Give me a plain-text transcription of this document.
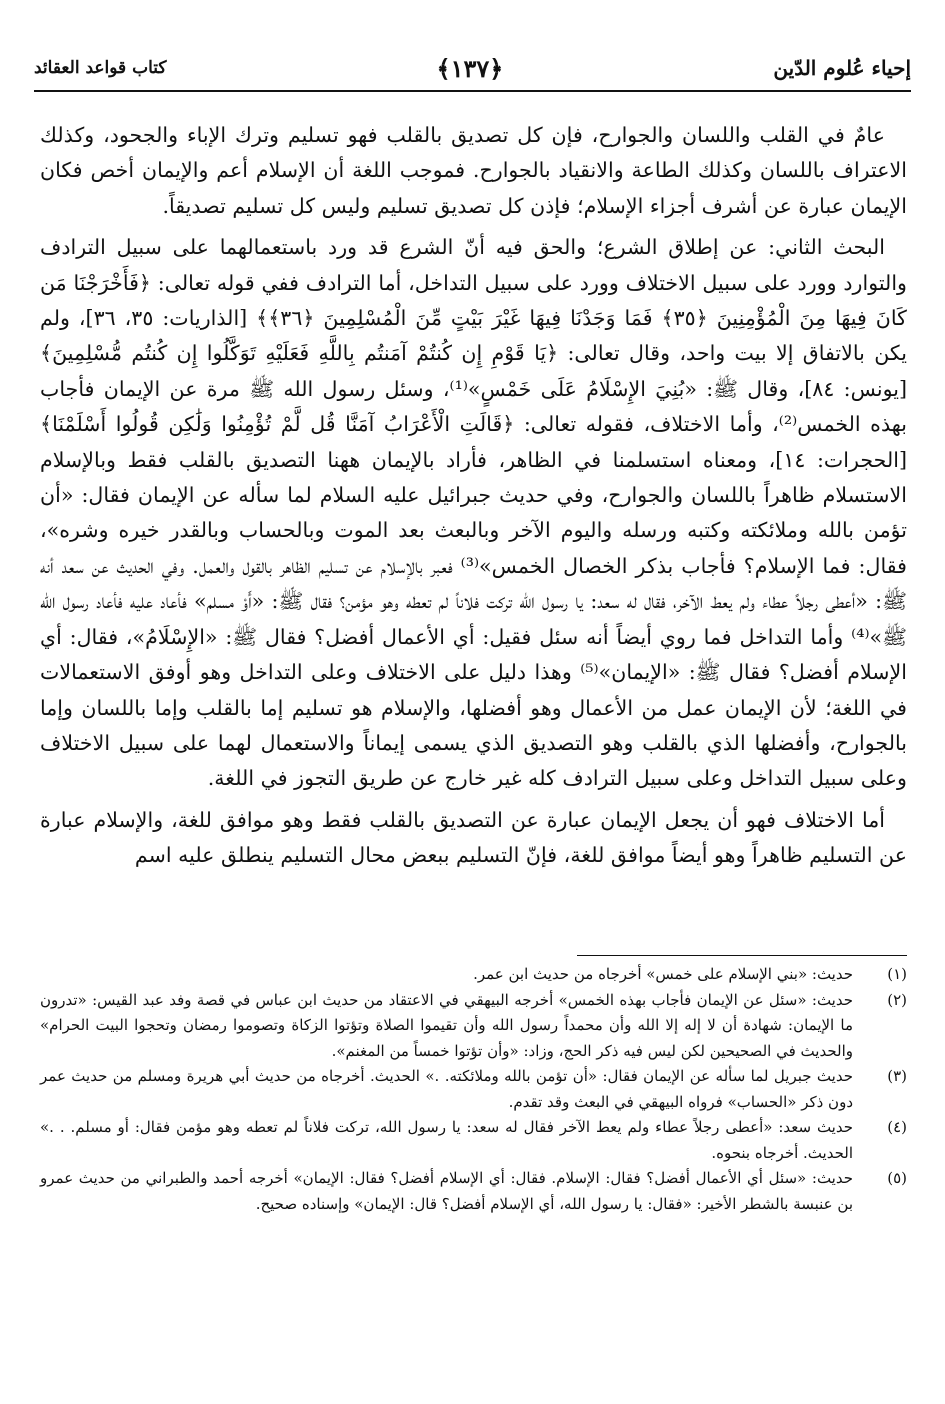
إحياء عُلوم الدّين
﴿١٣٧﴾
كتاب قواعد العقائد

عامٌ في القلب واللسان والجوارح، فإن كل تصديق بالقلب فهو تسليم وترك الإباء والجحود، وكذلك الاعتراف باللسان وكذلك الطاعة والانقياد بالجوارح. فموجب اللغة أن الإسلام أعم والإيمان أخص فكان الإيمان عبارة عن أشرف أجزاء الإسلام؛ فإذن كل تصديق تسليم وليس كل تسليم تصديقاً.

البحث الثاني: عن إطلاق الشرع؛ والحق فيه أنّ الشرع قد ورد باستعمالهما على سبيل الترادف والتوارد وورد على سبيل الاختلاف وورد على سبيل التداخل، أما الترادف ففي قوله تعالى: ﴿فَأَخْرَجْنَا مَن كَانَ فِيهَا مِنَ الْمُؤْمِنِينَ ﴿٣٥﴾ فَمَا وَجَدْنَا فِيهَا غَيْرَ بَيْتٍ مِّنَ الْمُسْلِمِينَ ﴿٣٦﴾﴾ [الذاريات: ٣٥، ٣٦]، ولم يكن بالاتفاق إلا بيت واحد، وقال تعالى: ﴿يَا قَوْمِ إِن كُنتُمْ آمَنتُم بِاللَّهِ فَعَلَيْهِ تَوَكَّلُوا إِن كُنتُم مُّسْلِمِينَ﴾ [يونس: ٨٤]، وقال ﷺ: «بُنِيَ الإِسْلَامُ عَلَى خَمْسٍ»⁽¹⁾، وسئل رسول الله ﷺ مرة عن الإيمان فأجاب بهذه الخمس⁽²⁾، وأما الاختلاف، فقوله تعالى: ﴿قَالَتِ الْأَعْرَابُ آمَنَّا قُل لَّمْ تُؤْمِنُوا وَلَٰكِن قُولُوا أَسْلَمْنَا﴾ [الحجرات: ١٤]، ومعناه استسلمنا في الظاهر، فأراد بالإيمان ههنا التصديق بالقلب فقط وبالإسلام الاستسلام ظاهراً باللسان والجوارح، وفي حديث جبرائيل عليه السلام لما سأله عن الإيمان فقال: «أن تؤمن بالله وملائكته وكتبه ورسله واليوم الآخر وبالبعث بعد الموت وبالحساب وبالقدر خيره وشره»، فقال: فما الإسلام؟ فأجاب بذكر الخصال الخمس»⁽³⁾ فعبر بالإسلام عن تسليم الظاهر بالقول والعمل. وفي الحديث عن سعد أنه ﷺ: «أعطى رجلاً عطاء ولم يعط الآخر، فقال له سعد: يا رسول الله تركت فلاناً لم تعطه وهو مؤمن؟ فقال ﷺ: «أَوْ مسلم» فأعاد عليه فأعاد رسول الله ﷺ»⁽⁴⁾ وأما التداخل فما روي أيضاً أنه سئل فقيل: أي الأعمال أفضل؟ فقال ﷺ: «الإِسْلَامُ»، فقال: أي الإسلام أفضل؟ فقال ﷺ: «الإيمان»⁽⁵⁾ وهذا دليل على الاختلاف وعلى التداخل وهو أوفق الاستعمالات في اللغة؛ لأن الإيمان عمل من الأعمال وهو أفضلها، والإسلام هو تسليم إما بالقلب وإما باللسان وإما بالجوارح، وأفضلها الذي بالقلب وهو التصديق الذي يسمى إيماناً والاستعمال لهما على سبيل الاختلاف وعلى سبيل التداخل وعلى سبيل الترادف كله غير خارج عن طريق التجوز في اللغة.

أما الاختلاف فهو أن يجعل الإيمان عبارة عن التصديق بالقلب فقط وهو موافق للغة، والإسلام عبارة عن التسليم ظاهراً وهو أيضاً موافق للغة، فإنّ التسليم ببعض محال التسليم ينطلق عليه اسم

(١)
حديث: «بني الإسلام على خمس» أخرجاه من حديث ابن عمر.
(٢)
حديث: «سئل عن الإيمان فأجاب بهذه الخمس» أخرجه البيهقي في الاعتقاد من حديث ابن عباس في قصة وفد عبد القيس: «تدرون ما الإيمان: شهادة أن لا إله إلا الله وأن محمداً رسول الله وأن تقيموا الصلاة وتؤتوا الزكاة وتصوموا رمضان وتحجوا البيت الحرام» والحديث في الصحيحين لكن ليس فيه ذكر الحج، وزاد: «وأن تؤتوا خمساً من المغنم».
(٣)
حديث جبريل لما سأله عن الإيمان فقال: «أن تؤمن بالله وملائكته. .» الحديث. أخرجاه من حديث أبي هريرة ومسلم من حديث عمر دون ذكر «الحساب» فرواه البيهقي في البعث وقد تقدم.
(٤)
حديث سعد: «أعطى رجلاً عطاء ولم يعط الآخر فقال له سعد: يا رسول الله، تركت فلاناً لم تعطه وهو مؤمن فقال: أو مسلم. . .» الحديث. أخرجاه بنحوه.
(٥)
حديث: «سئل أي الأعمال أفضل؟ فقال: الإسلام. فقال: أي الإسلام أفضل؟ فقال: الإيمان» أخرجه أحمد والطبراني من حديث عمرو بن عنبسة بالشطر الأخير: «فقال: يا رسول الله، أي الإسلام أفضل؟ قال: الإيمان» وإسناده صحيح.
